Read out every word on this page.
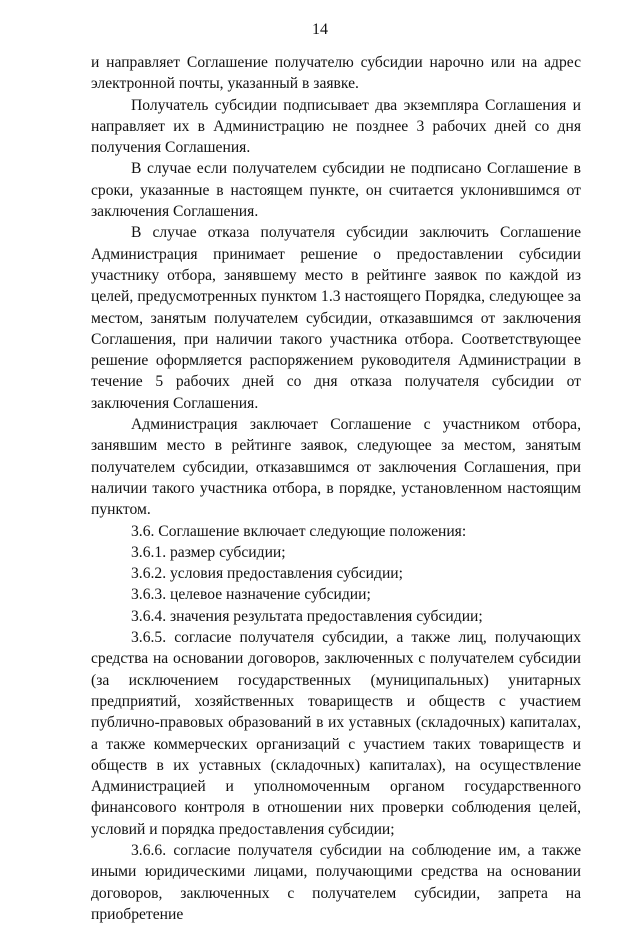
14

и направляет Соглашение получателю субсидии нарочно или на адрес электронной почты, указанный в заявке.

Получатель субсидии подписывает два экземпляра Соглашения и направляет их в Администрацию не позднее 3 рабочих дней со дня получения Соглашения.

В случае если получателем субсидии не подписано Соглашение в сроки, указанные в настоящем пункте, он считается уклонившимся от заключения Соглашения.

В случае отказа получателя субсидии заключить Соглашение Администрация принимает решение о предоставлении субсидии участнику отбора, занявшему место в рейтинге заявок по каждой из целей, предусмотренных пунктом 1.3 настоящего Порядка, следующее за местом, занятым получателем субсидии, отказавшимся от заключения Соглашения, при наличии такого участника отбора. Соответствующее решение оформляется распоряжением руководителя Администрации в течение 5 рабочих дней со дня отказа получателя субсидии от заключения Соглашения.

Администрация заключает Соглашение с участником отбора, занявшим место в рейтинге заявок, следующее за местом, занятым получателем субсидии, отказавшимся от заключения Соглашения, при наличии такого участника отбора, в порядке, установленном настоящим пунктом.

3.6. Соглашение включает следующие положения:

3.6.1. размер субсидии;

3.6.2. условия предоставления субсидии;

3.6.3. целевое назначение субсидии;

3.6.4. значения результата предоставления субсидии;

3.6.5. согласие получателя субсидии, а также лиц, получающих средства на основании договоров, заключенных с получателем субсидии (за исключением государственных (муниципальных) унитарных предприятий, хозяйственных товариществ и обществ с участием публично-правовых образований в их уставных (складочных) капиталах, а также коммерческих организаций с участием таких товариществ и обществ в их уставных (складочных) капиталах), на осуществление Администрацией и уполномоченным органом государственного финансового контроля в отношении них проверки соблюдения целей, условий и порядка предоставления субсидии;

3.6.6. согласие получателя субсидии на соблюдение им, а также иными юридическими лицами, получающими средства на основании договоров, заключенных с получателем субсидии, запрета на приобретение
